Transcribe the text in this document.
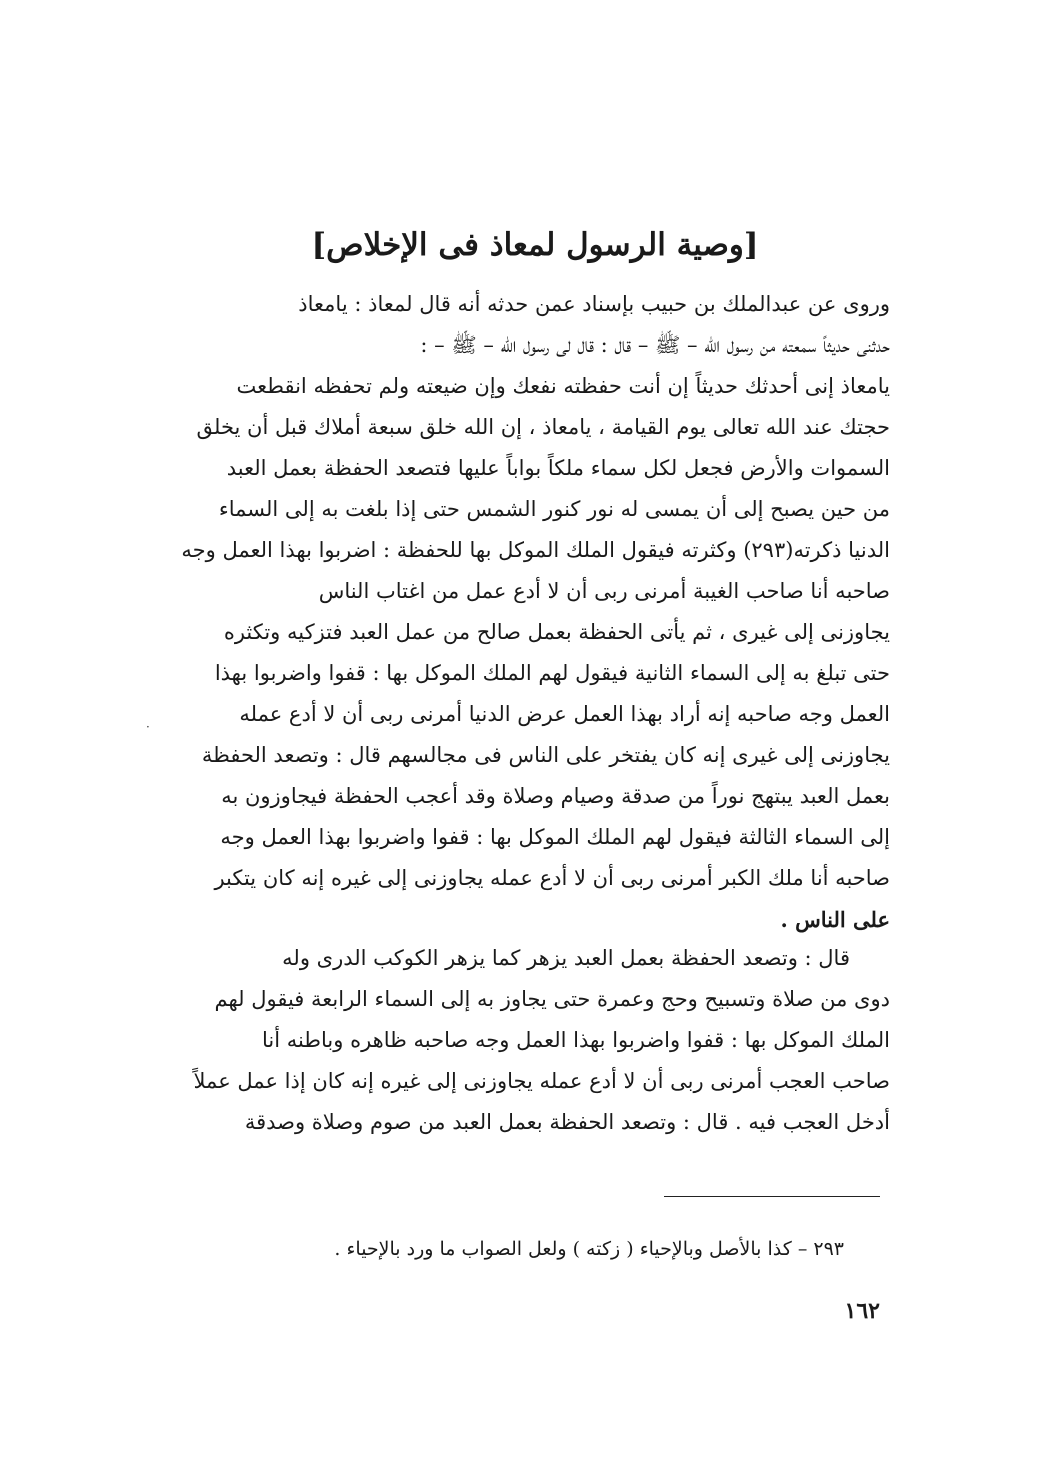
[وصية الرسول لمعاذ فى الإخلاص]
وروى عن عبدالملك بن حبيب بإسناد عمن حدثه أنه قال لمعاذ : يامعاذ
حدثنى حديثاً سمعته من رسول الله – ﷺ – قال : قال لى رسول الله – ﷺ – :
يامعاذ إنى أحدثك حديثاً إن أنت حفظته نفعك وإن ضيعته ولم تحفظه انقطعت
حجتك عند الله تعالى يوم القيامة ، يامعاذ ، إن الله خلق سبعة أملاك قبل أن يخلق
السموات والأرض فجعل لكل سماء ملكاً بواباً عليها فتصعد الحفظة بعمل العبد
من حين يصبح إلى أن يمسى له نور كنور الشمس حتى إذا بلغت به إلى السماء
الدنيا ذكرته(٢٩٣) وكثرته فيقول الملك الموكل بها للحفظة : اضربوا بهذا العمل وجه
صاحبه أنا صاحب الغيبة أمرنى ربى أن لا أدع عمل من اغتاب الناس
يجاوزنى إلى غيرى ، ثم يأتى الحفظة بعمل صالح من عمل العبد فتزكيه وتكثره
حتى تبلغ به إلى السماء الثانية فيقول لهم الملك الموكل بها : قفوا واضربوا بهذا
العمل وجه صاحبه إنه أراد بهذا العمل عرض الدنيا أمرنى ربى أن لا أدع عمله
يجاوزنى إلى غيرى إنه كان يفتخر على الناس فى مجالسهم قال : وتصعد الحفظة
بعمل العبد يبتهج نوراً من صدقة وصيام وصلاة وقد أعجب الحفظة فيجاوزون به
إلى السماء الثالثة فيقول لهم الملك الموكل بها : قفوا واضربوا بهذا العمل وجه
صاحبه أنا ملك الكبر أمرنى ربى أن لا أدع عمله يجاوزنى إلى غيره إنه كان يتكبر
على الناس .
قال : وتصعد الحفظة بعمل العبد يزهر كما يزهر الكوكب الدرى وله
دوى من صلاة وتسبيح وحج وعمرة حتى يجاوز به إلى السماء الرابعة فيقول لهم
الملك الموكل بها : قفوا واضربوا بهذا العمل وجه صاحبه ظاهره وباطنه أنا
صاحب العجب أمرنى ربى أن لا أدع عمله يجاوزنى إلى غيره إنه كان إذا عمل عملاً
أدخل العجب فيه . قال : وتصعد الحفظة بعمل العبد من صوم وصلاة وصدقة
·
٢٩٣ – كذا بالأصل وبالإحياء ( زكته ) ولعل الصواب ما ورد بالإحياء .
١٦٢
